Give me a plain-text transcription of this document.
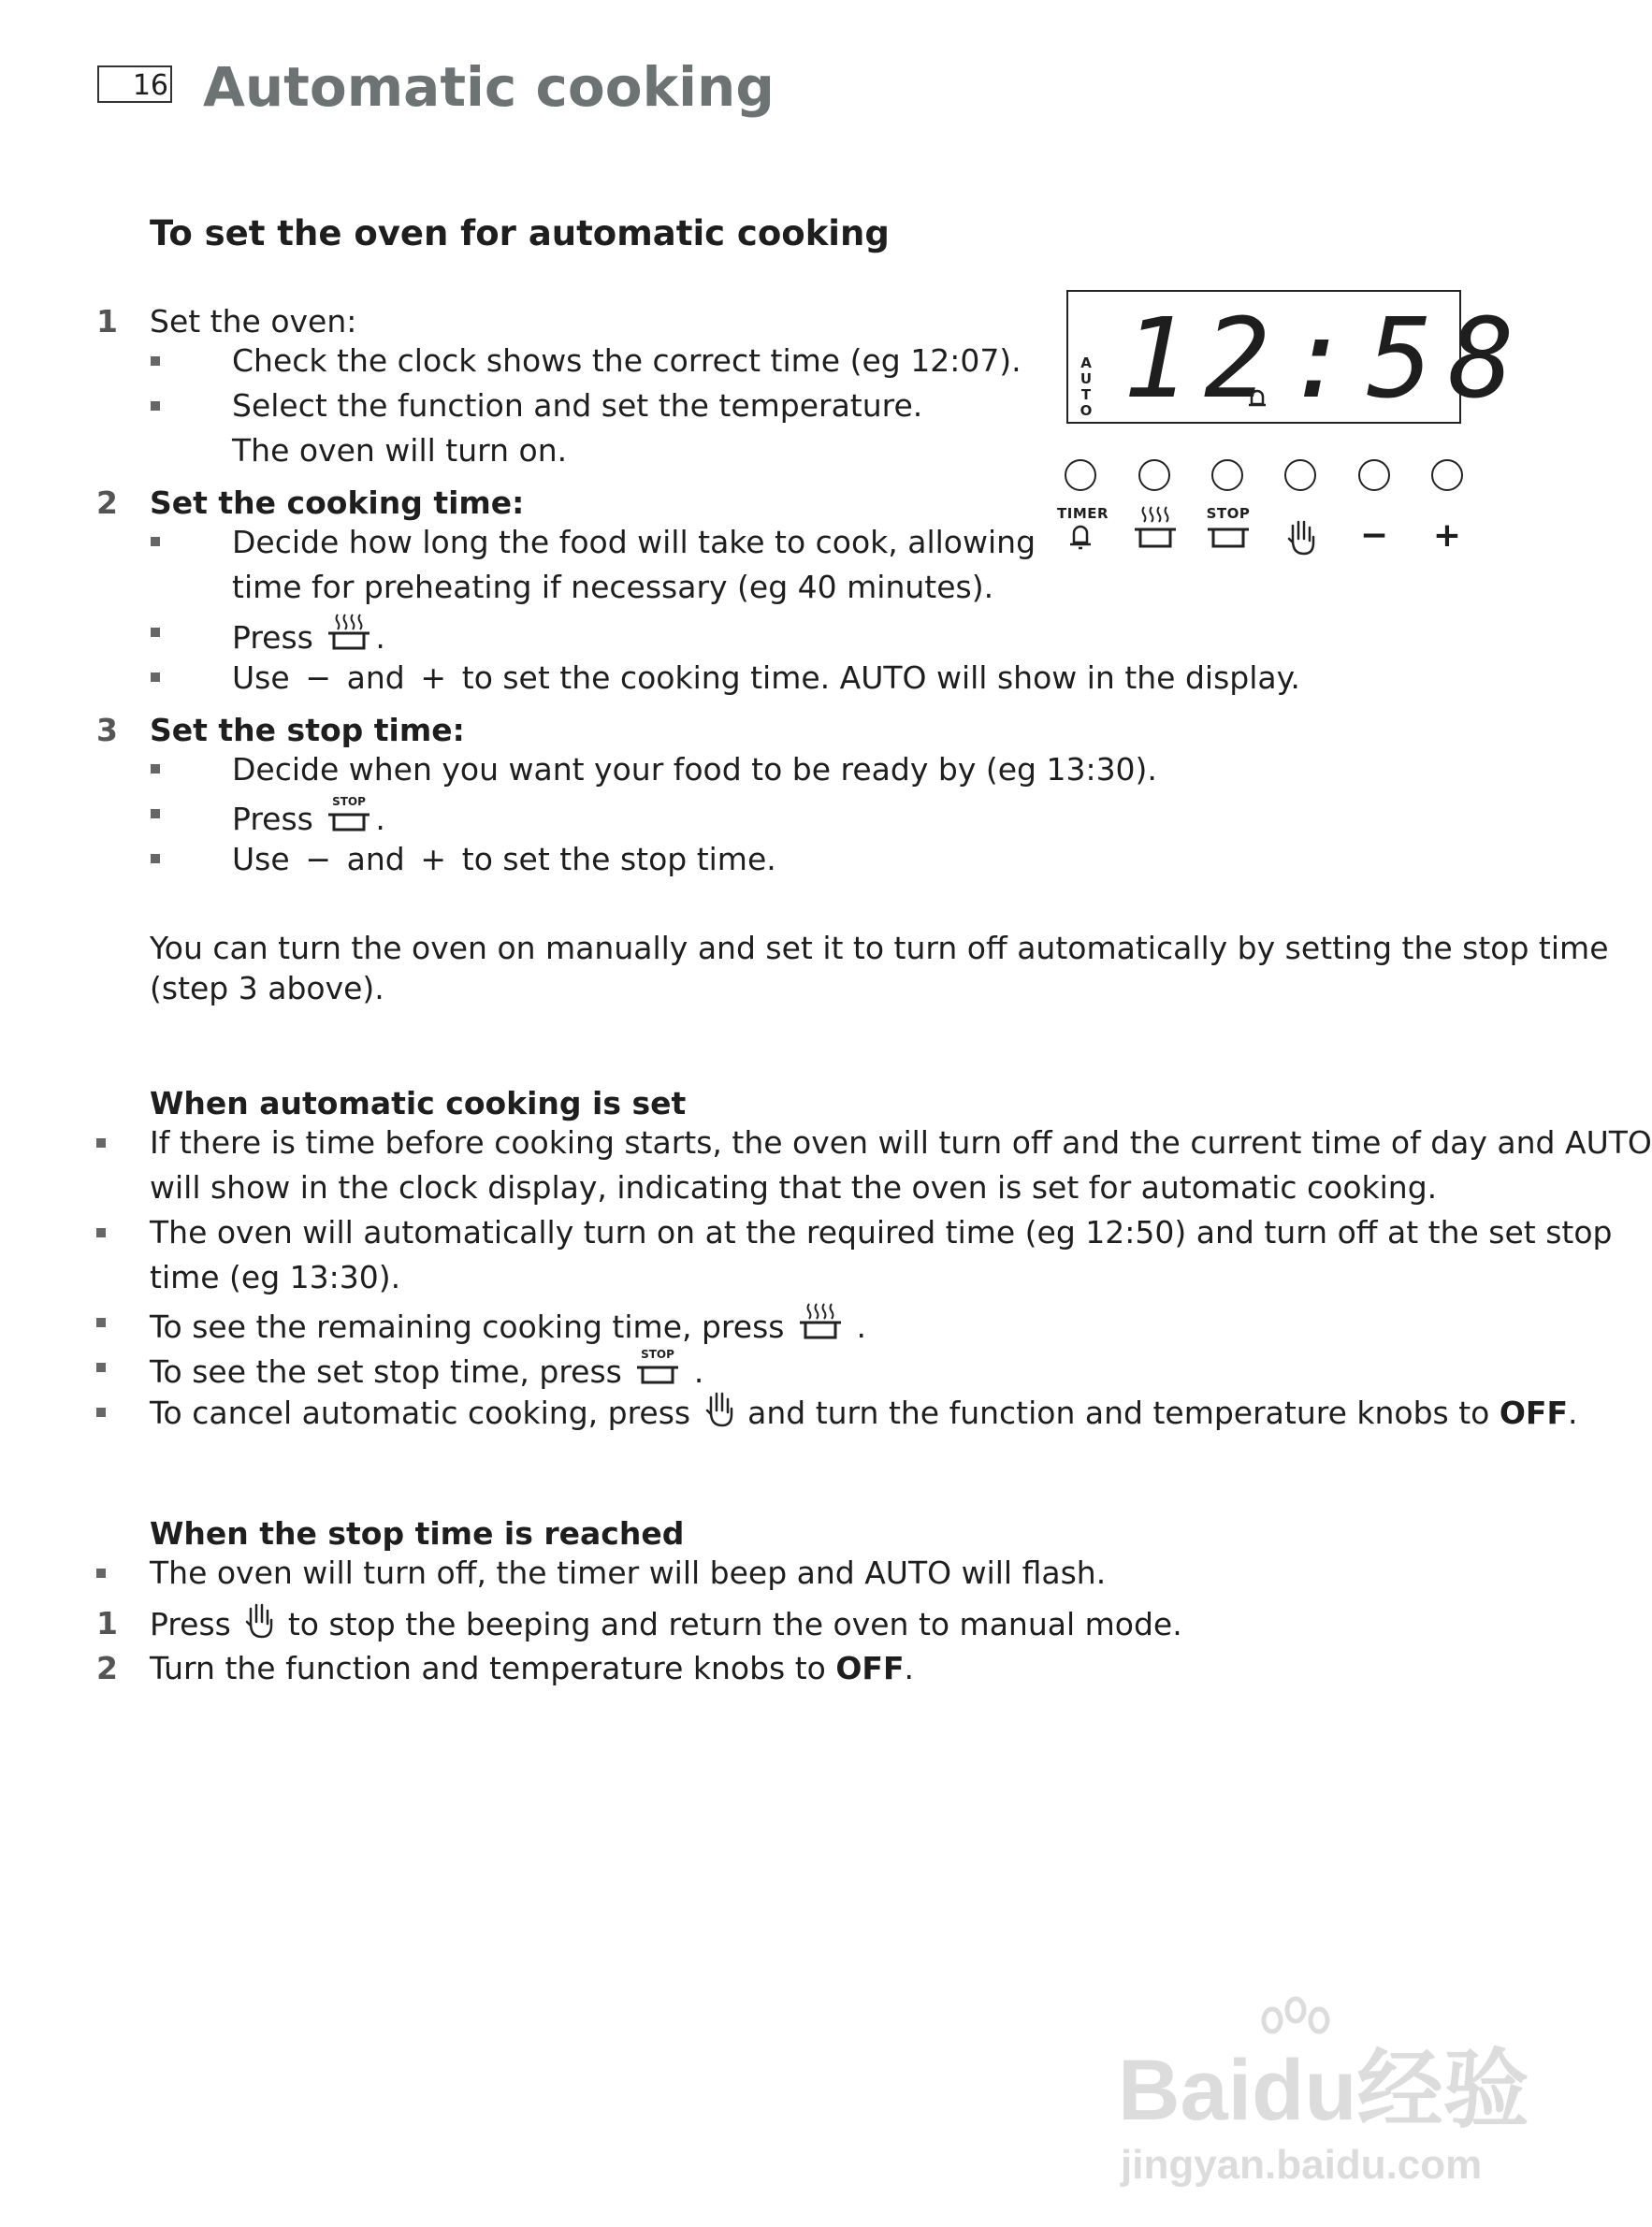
16 Automatic cooking
To set the oven for automatic cooking
1 Set the oven:
Check the clock shows the correct time (eg 12:07).
Select the function and set the temperature.
The oven will turn on.
2 Set the cooking time:
Decide how long the food will take to cook, allowing
time for preheating if necessary (eg 40 minutes).
Press .
Use − and + to set the cooking time. AUTO will show in the display.
3 Set the stop time:
Decide when you want your food to be ready by (eg 13:30).
Press STOP .
Use − and + to set the stop time.
You can turn the oven on manually and set it to turn off automatically by setting the stop time
(step 3 above).
A
U
T
O 12:58
TIMER	STOP
− +
When automatic cooking is set
If there is time before cooking starts, the oven will turn off and the current time of day and AUTO
will show in the clock display, indicating that the oven is set for automatic cooking.
The oven will automatically turn on at the required time (eg 12:50) and turn off at the set stop
time (eg 13:30).
To see the remaining cooking time, press .
To see the set stop time, press STOP .
To cancel automatic cooking, press and turn the function and temperature knobs to OFF.
When the stop time is reached
The oven will turn off, the timer will beep and AUTO will flash.
1 Press to stop the beeping and return the oven to manual mode.
2 Turn the function and temperature knobs to OFF.
Baidu经验
jingyan.baidu.com
